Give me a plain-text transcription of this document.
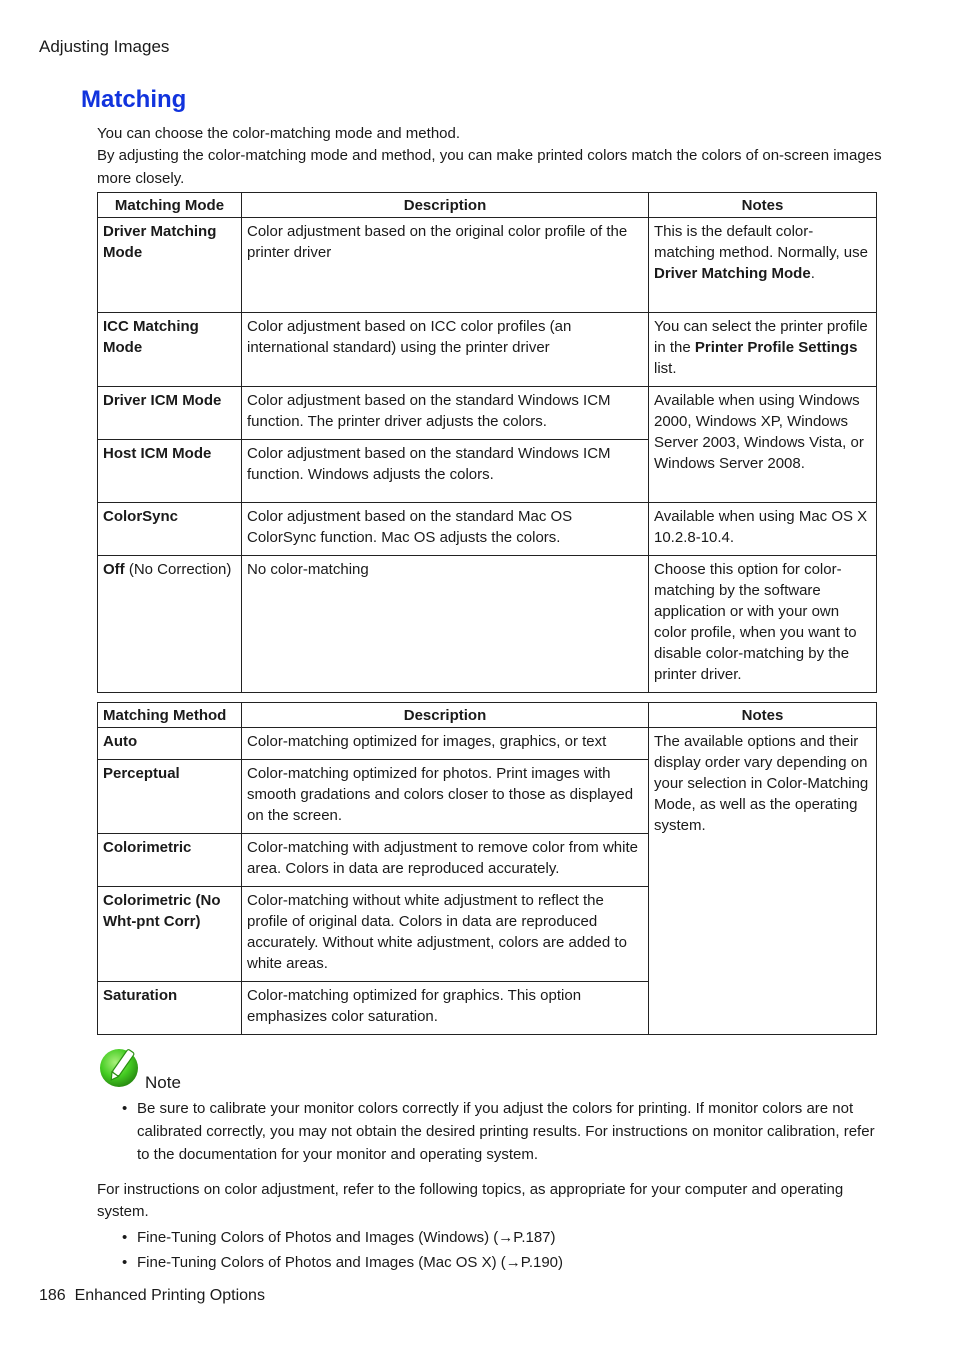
Adjusting Images
Matching
You can choose the color-matching mode and method.
By adjusting the color-matching mode and method, you can make printed colors match the colors of on-screen images more closely.
Matching Mode	Description	Notes
Driver Matching Mode	Color adjustment based on the original color profile of the printer driver	This is the default color-matching method. Normally, use Driver Matching Mode.
ICC Matching Mode	Color adjustment based on ICC color profiles (an international standard) using the printer driver	You can select the printer profile in the Printer Profile Settings list.
Driver ICM Mode	Color adjustment based on the standard Windows ICM function. The printer driver adjusts the colors.	Available when using Windows 2000, Windows XP, Windows Server 2003, Windows Vista, or Windows Server 2008.
Host ICM Mode	Color adjustment based on the standard Windows ICM function. Windows adjusts the colors.	
ColorSync	Color adjustment based on the standard Mac OS ColorSync function. Mac OS adjusts the colors.	Available when using Mac OS X 10.2.8-10.4.
Off (No Correction)	No color-matching	Choose this option for color-matching by the software application or with your own color profile, when you want to disable color-matching by the printer driver.
Matching Method	Description	Notes
Auto	Color-matching optimized for images, graphics, or text	The available options and their display order vary depending on your selection in Color-Matching Mode, as well as the operating system.
Perceptual	Color-matching optimized for photos. Print images with smooth gradations and colors closer to those as displayed on the screen.	
Colorimetric	Color-matching with adjustment to remove color from white area. Colors in data are reproduced accurately.	
Colorimetric (No Wht-pnt Corr)	Color-matching without white adjustment to reflect the profile of original data. Colors in data are reproduced accurately. Without white adjustment, colors are added to white areas.	
Saturation	Color-matching optimized for graphics. This option emphasizes color saturation.	
Note
• Be sure to calibrate your monitor colors correctly if you adjust the colors for printing. If monitor colors are not calibrated correctly, you may not obtain the desired printing results. For instructions on monitor calibration, refer to the documentation for your monitor and operating system.
For instructions on color adjustment, refer to the following topics, as appropriate for your computer and operating system.
• Fine-Tuning Colors of Photos and Images (Windows) (→P.187)
• Fine-Tuning Colors of Photos and Images (Mac OS X) (→P.190)
186 Enhanced Printing Options
